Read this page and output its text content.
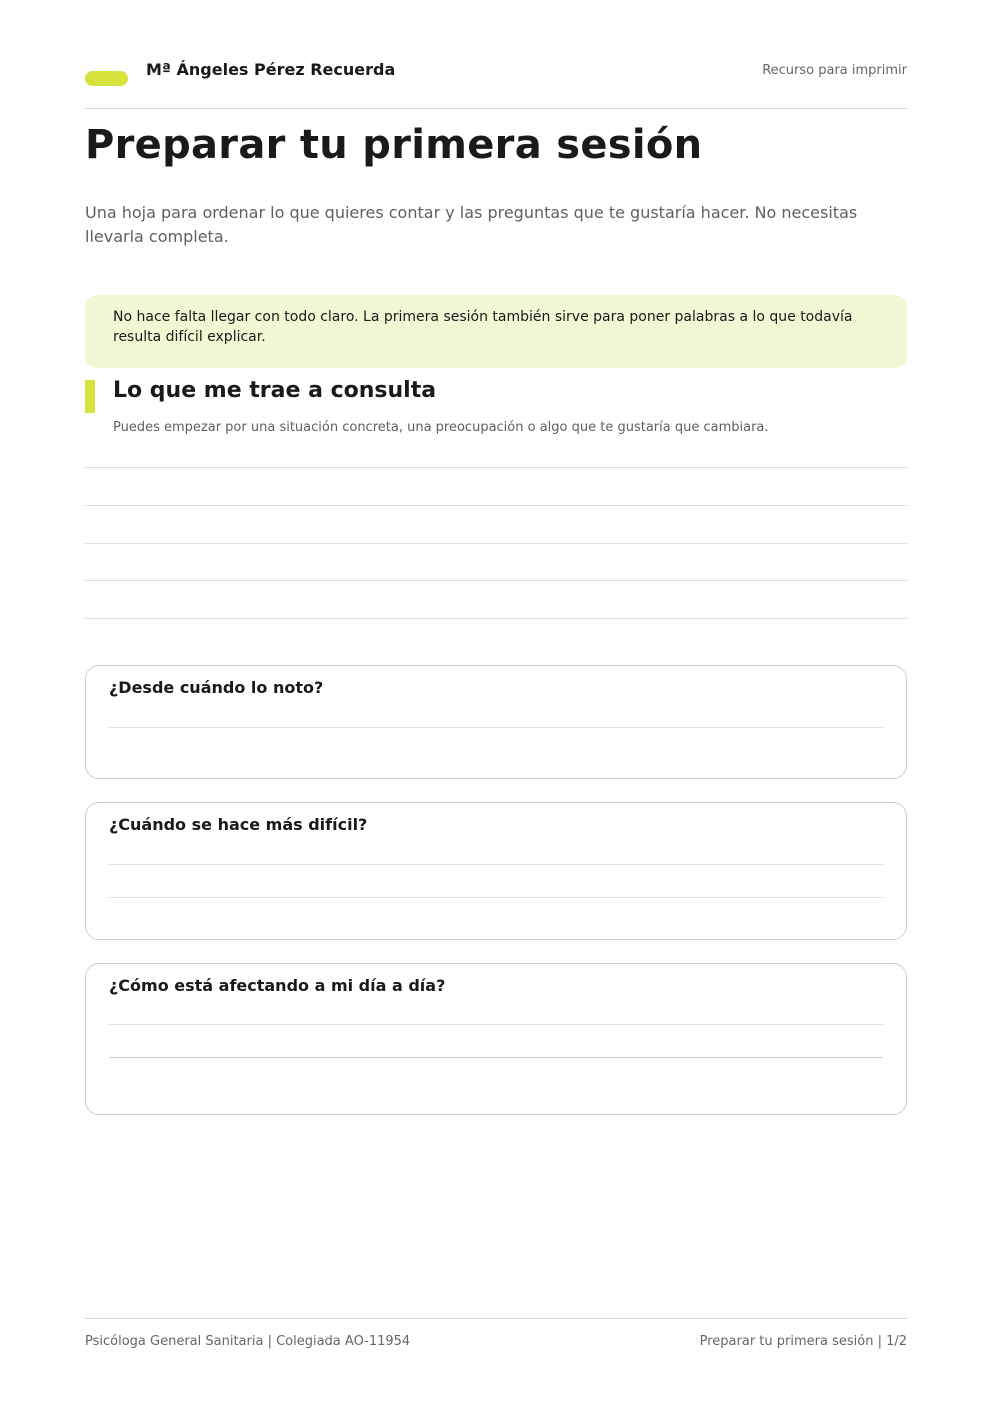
Mª Ángeles Pérez Recuerda	Recurso para imprimir
Preparar tu primera sesión

Una hoja para ordenar lo que quieres contar y las preguntas que te gustaría hacer. No necesitas llevarla completa.

No hace falta llegar con todo claro. La primera sesión también sirve para poner palabras a lo que todavía resulta difícil explicar.

Lo que me trae a consulta

Puedes empezar por una situación concreta, una preocupación o algo que te gustaría que cambiara.

¿Desde cuándo lo noto?

¿Cuándo se hace más difícil?

¿Cómo está afectando a mi día a día?

Psicóloga General Sanitaria | Colegiada AO-11954	Preparar tu primera sesión | 1/2
